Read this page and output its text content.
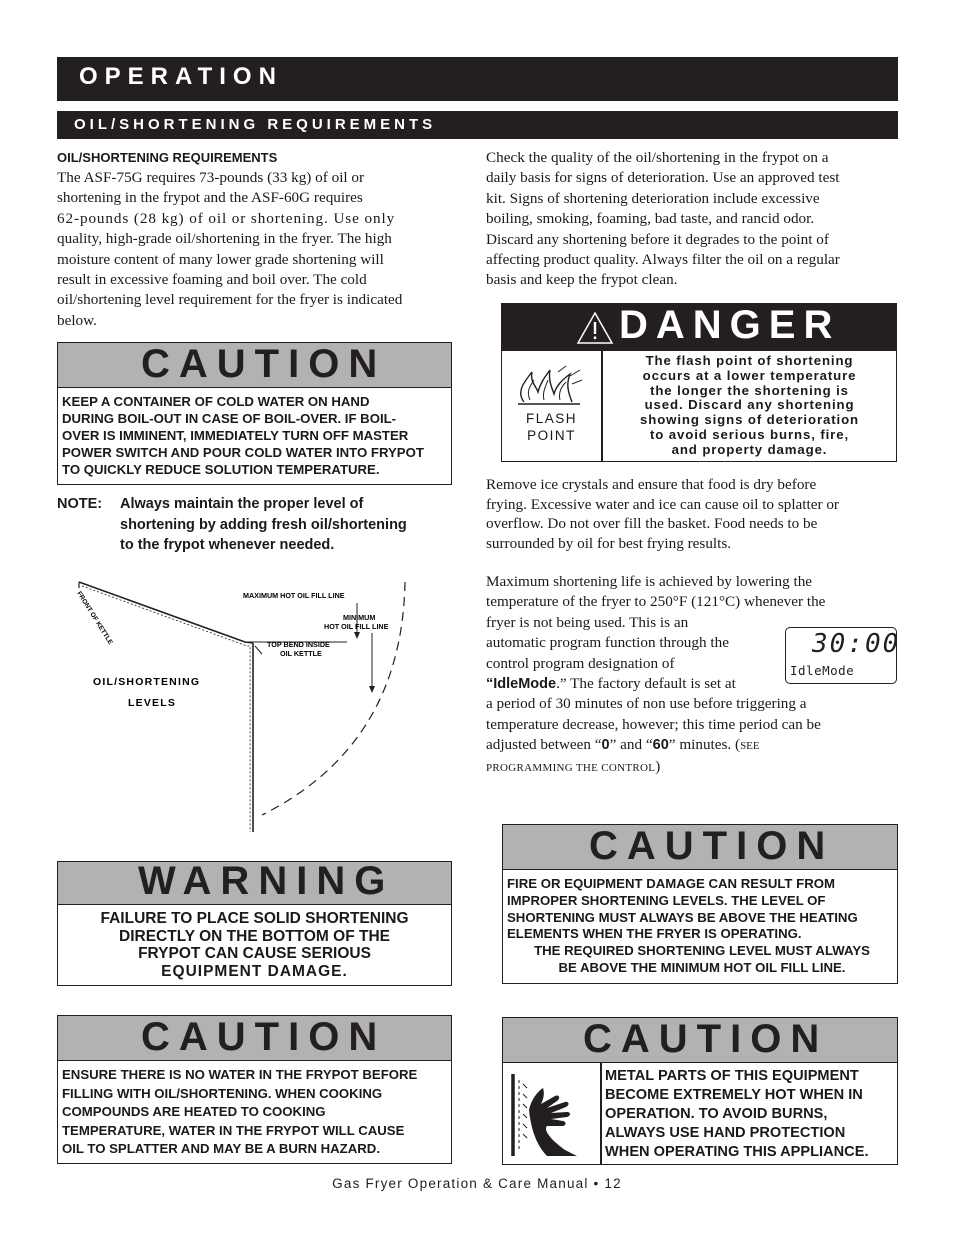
OPERATION
OIL/SHORTENING REQUIREMENTS
OIL/SHORTENING REQUIREMENTS
The ASF-75G requires 73-pounds (33 kg) of oil or
shortening in the frypot and the ASF-60G requires
62-pounds (28 kg) of oil or shortening. Use only
quality, high-grade oil/shortening in the fryer. The high
moisture content of many lower grade shortening will
result in excessive foaming and boil over. The cold
oil/shortening level requirement for the fryer is indicated
below.
CAUTION
KEEP A CONTAINER OF COLD WATER ON HAND
DURING BOIL-OUT IN CASE OF BOIL-OVER. IF BOIL-
OVER IS IMMINENT, IMMEDIATELY TURN OFF MASTER
POWER SWITCH AND POUR COLD WATER INTO FRYPOT
TO QUICKLY REDUCE SOLUTION TEMPERATURE.
NOTE: Always maintain the proper level of
shortening by adding fresh oil/shortening
to the frypot whenever needed.
MAXIMUM HOT OIL FILL LINE
MINIMUM
HOT OIL FILL LINE
TOP BEND INSIDE
OIL KETTLE
FRONT OF KETTLE
OIL/SHORTENING
LEVELS
WARNING
FAILURE TO PLACE SOLID SHORTENING
DIRECTLY ON THE BOTTOM OF THE
FRYPOT CAN CAUSE SERIOUS
EQUIPMENT DAMAGE.
CAUTION
ENSURE THERE IS NO WATER IN THE FRYPOT BEFORE
FILLING WITH OIL/SHORTENING. WHEN COOKING
COMPOUNDS ARE HEATED TO COOKING
TEMPERATURE, WATER IN THE FRYPOT WILL CAUSE
OIL TO SPLATTER AND MAY BE A BURN HAZARD.
Check the quality of the oil/shortening in the frypot on a
daily basis for signs of deterioration. Use an approved test
kit. Signs of shortening deterioration include excessive
boiling, smoking, foaming, bad taste, and rancid odor.
Discard any shortening before it degrades to the point of
affecting product quality. Always filter the oil on a regular
basis and keep the frypot clean.
DANGER
FLASH
POINT
The flash point of shortening
occurs at a lower temperature
the longer the shortening is
used. Discard any shortening
showing signs of deterioration
to avoid serious burns, fire,
and property damage.
Remove ice crystals and ensure that food is dry before
frying. Excessive water and ice can cause oil to splatter or
overflow. Do not over fill the basket. Food needs to be
surrounded by oil for best frying results.
Maximum shortening life is achieved by lowering the
temperature of the fryer to 250°F (121°C) whenever the
fryer is not being used. This is an
automatic program function through the
control program designation of
“IdleMode.” The factory default is set at
a period of 30 minutes of non use before triggering a
temperature decrease, however; this time period can be
adjusted between “0” and “60” minutes. (SEE
PROGRAMMING THE CONTROL)
30:00
IdleMode
CAUTION
FIRE OR EQUIPMENT DAMAGE CAN RESULT FROM
IMPROPER SHORTENING LEVELS. THE LEVEL OF
SHORTENING MUST ALWAYS BE ABOVE THE HEATING
ELEMENTS WHEN THE FRYER IS OPERATING.
THE REQUIRED SHORTENING LEVEL MUST ALWAYS
BE ABOVE THE MINIMUM HOT OIL FILL LINE.
CAUTION
METAL PARTS OF THIS EQUIPMENT
BECOME EXTREMELY HOT WHEN IN
OPERATION. TO AVOID BURNS,
ALWAYS USE HAND PROTECTION
WHEN OPERATING THIS APPLIANCE.
Gas Fryer Operation & Care Manual • 12
